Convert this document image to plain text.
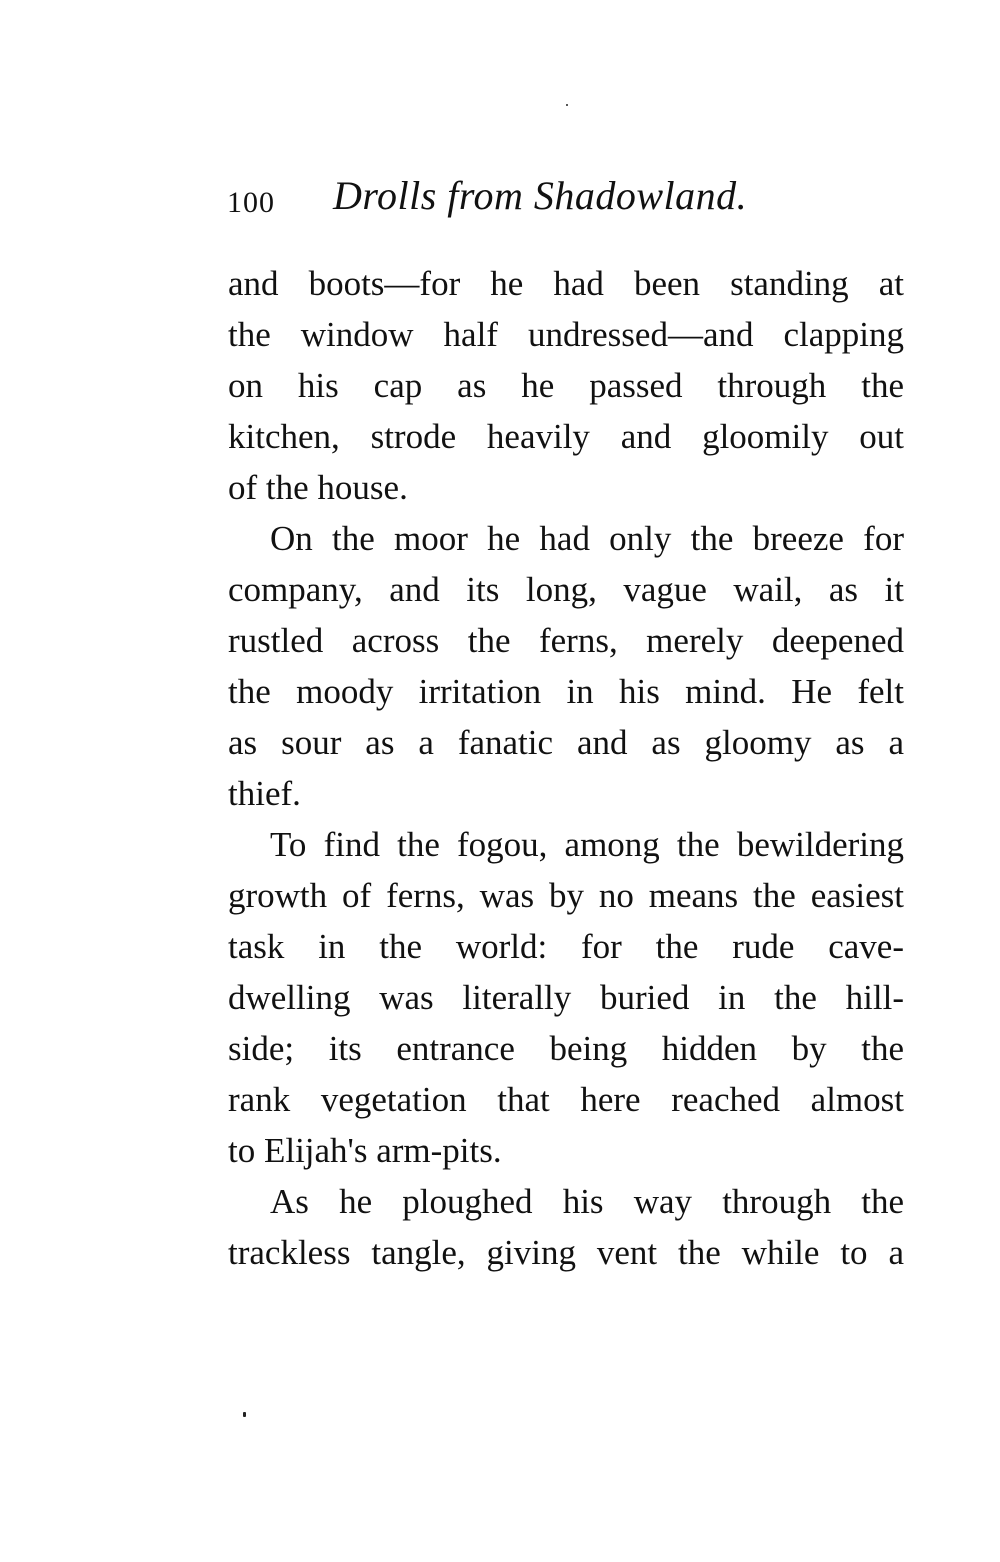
100 Drolls from Shadowland.
and boots—for he had been standing at
the window half undressed—and clapping
on his cap as he passed through the
kitchen, strode heavily and gloomily out
of the house.
On the moor he had only the breeze for
company, and its long, vague wail, as it
rustled across the ferns, merely deepened
the moody irritation in his mind. He felt
as sour as a fanatic and as gloomy as a
thief.
To find the fogou, among the bewildering
growth of ferns, was by no means the easiest
task in the world: for the rude cave-
dwelling was literally buried in the hill-
side; its entrance being hidden by the
rank vegetation that here reached almost
to Elijah's arm-pits.
As he ploughed his way through the
trackless tangle, giving vent the while to a
